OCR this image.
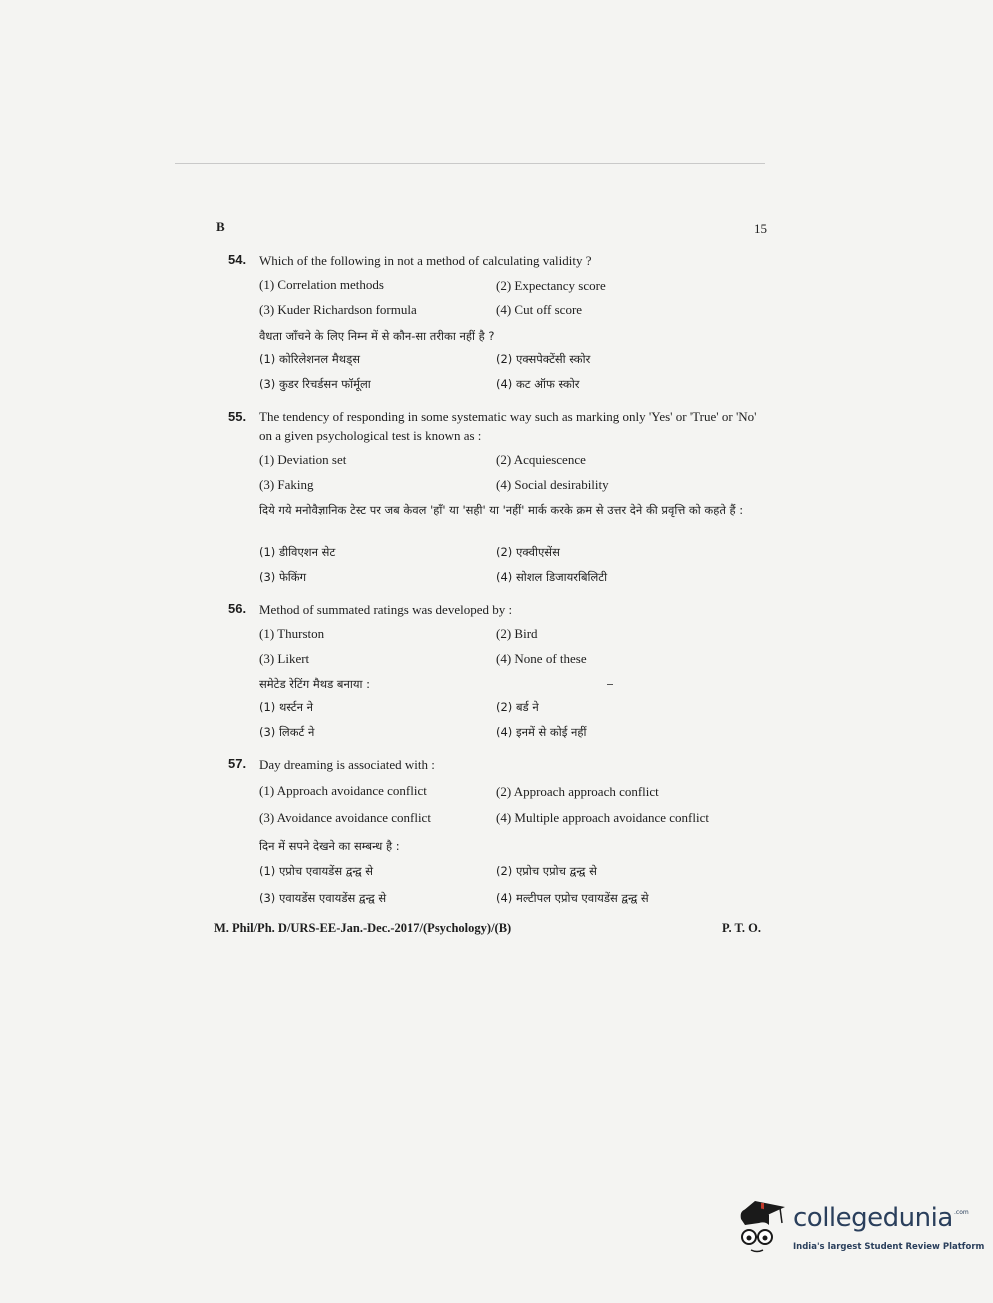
B	15
54. Which of the following in not a method of calculating validity ?
(1) Correlation methods	(2) Expectancy score
(3) Kuder Richardson formula	(4) Cut off score
वैधता जाँचने के लिए निम्न में से कौन-सा तरीका नहीं है ?
(1) कोरिलेशनल मैथड्स	(2) एक्सपेक्टेंसी स्कोर
(3) कुडर रिचर्डसन फॉर्मूला	(4) कट ऑफ स्कोर
55. The tendency of responding in some systematic way such as marking only 'Yes' or 'True' or 'No' on a given psychological test is known as :
(1) Deviation set	(2) Acquiescence
(3) Faking	(4) Social desirability
दिये गये मनोवैज्ञानिक टेस्ट पर जब केवल 'हाँ' या 'सही' या 'नहीं' मार्क करके क्रम से उत्तर देने की प्रवृत्ति को कहते हैं :
(1) डीविएशन सेट	(2) एक्वीएसेंस
(3) फेकिंग	(4) सोशल डिजायरबिलिटी
56. Method of summated ratings was developed by :
(1) Thurston	(2) Bird
(3) Likert	(4) None of these
समेटेड रेटिंग मैथड बनाया :
(1) थर्स्टन ने	(2) बर्ड ने
(3) लिकर्ट ने	(4) इनमें से कोई नहीं
57. Day dreaming is associated with :
(1) Approach avoidance conflict	(2) Approach approach conflict
(3) Avoidance avoidance conflict	(4) Multiple approach avoidance conflict
दिन में सपने देखने का सम्बन्ध है :
(1) एप्रोच एवायडेंस द्वन्द्व से	(2) एप्रोच एप्रोच द्वन्द्व से
(3) एवायडेंस एवायडेंस द्वन्द्व से	(4) मल्टीपल एप्रोच एवायडेंस द्वन्द्व से
M. Phil/Ph. D/URS-EE-Jan.-Dec.-2017/(Psychology)/(B)	P. T. O.
collegedunia .com
India's largest Student Review Platform
